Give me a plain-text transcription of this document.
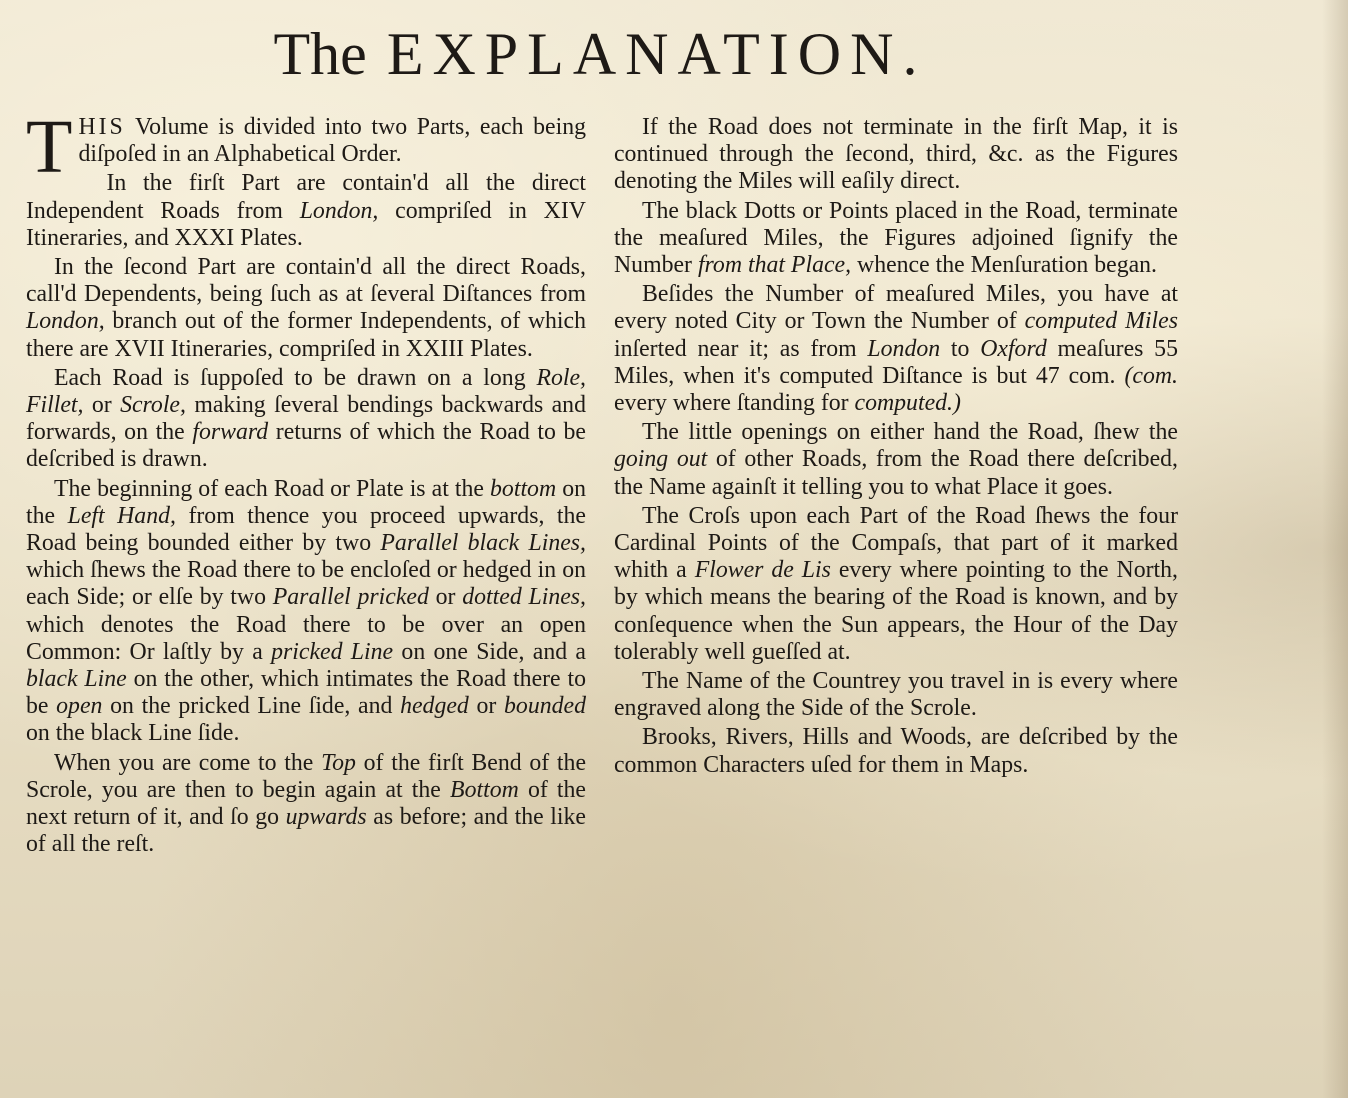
The EXPLANATION.

THIS Volume is divided into two Parts, each being diſpoſed in an Alphabetical Order.

In the firſt Part are contain'd all the direct Independent Roads from London, compriſed in XIV Itineraries, and XXXI Plates.

In the ſecond Part are contain'd all the direct Roads, call'd Dependents, being ſuch as at ſeveral Diſtances from London, branch out of the former Independents, of which there are XVII Itineraries, compriſed in XXIII Plates.

Each Road is ſuppoſed to be drawn on a long Role, Fillet, or Scrole, making ſeveral bendings backwards and forwards, on the forward returns of which the Road to be deſcribed is drawn.

The beginning of each Road or Plate is at the bottom on the Left Hand, from thence you proceed upwards, the Road being bounded either by two Parallel black Lines, which ſhews the Road there to be encloſed or hedged in on each Side; or elſe by two Parallel pricked or dotted Lines, which denotes the Road there to be over an open Common: Or laſtly by a pricked Line on one Side, and a black Line on the other, which intimates the Road there to be open on the pricked Line ſide, and hedged or bounded on the black Line ſide.

When you are come to the Top of the firſt Bend of the Scrole, you are then to begin again at the Bottom of the next return of it, and ſo go upwards as before; and the like of all the reſt.

If the Road does not terminate in the firſt Map, it is continued through the ſecond, third, &c. as the Figures denoting the Miles will eaſily direct.

The black Dotts or Points placed in the Road, terminate the meaſured Miles, the Figures adjoined ſignify the Number from that Place, whence the Menſuration began.

Beſides the Number of meaſured Miles, you have at every noted City or Town the Number of computed Miles inſerted near it; as from London to Oxford meaſures 55 Miles, when it's computed Diſtance is but 47 com. (com. every where ſtanding for computed.)

The little openings on either hand the Road, ſhew the going out of other Roads, from the Road there deſcribed, the Name againſt it telling you to what Place it goes.

The Croſs upon each Part of the Road ſhews the four Cardinal Points of the Compaſs, that part of it marked whith a Flower de Lis every where pointing to the North, by which means the bearing of the Road is known, and by conſequence when the Sun appears, the Hour of the Day tolerably well gueſſed at.

The Name of the Countrey you travel in is every where engraved along the Side of the Scrole.

Brooks, Rivers, Hills and Woods, are deſcribed by the common Characters uſed for them in Maps.
